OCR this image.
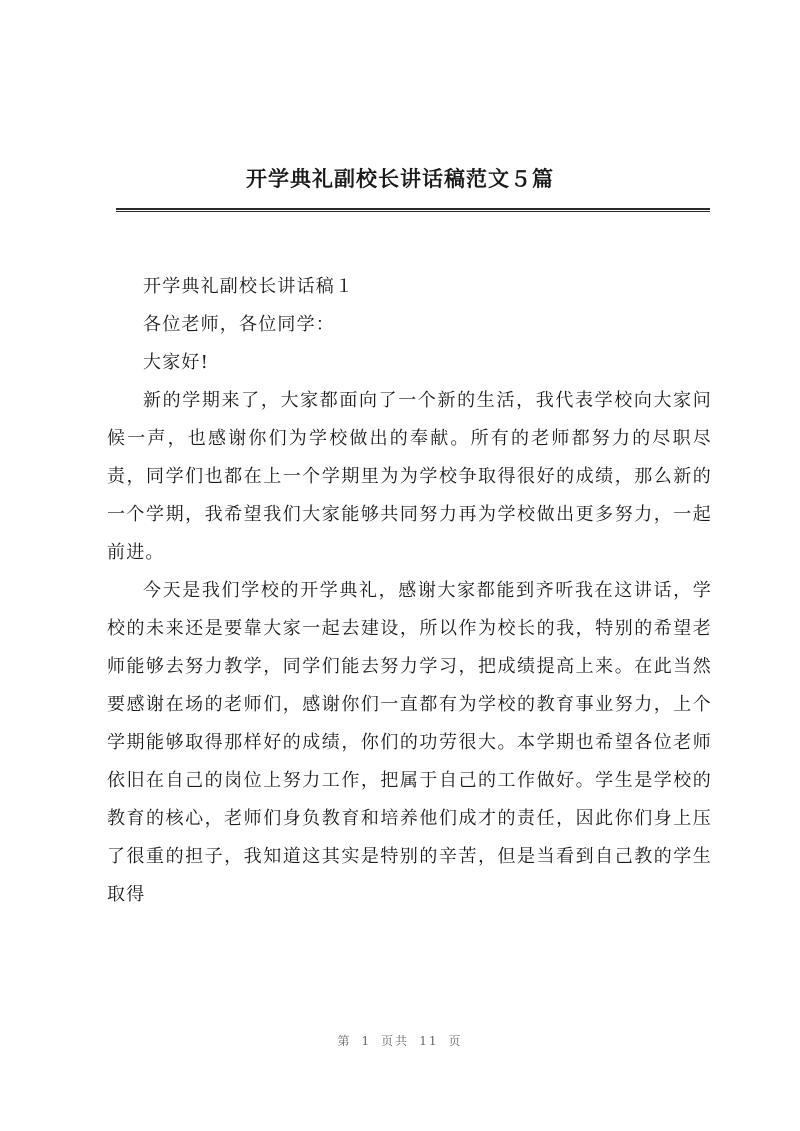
开学典礼副校长讲话稿范文５篇

开学典礼副校长讲话稿１

各位老师，各位同学：

大家好!

新的学期来了，大家都面向了一个新的生活，我代表学校向大家问候一声，也感谢你们为学校做出的奉献。所有的老师都努力的尽职尽责，同学们也都在上一个学期里为为学校争取得很好的成绩，那么新的一个学期，我希望我们大家能够共同努力再为学校做出更多努力，一起前进。

今天是我们学校的开学典礼，感谢大家都能到齐听我在这讲话，学校的未来还是要靠大家一起去建设，所以作为校长的我，特别的希望老师能够去努力教学，同学们能去努力学习，把成绩提高上来。在此当然要感谢在场的老师们，感谢你们一直都有为学校的教育事业努力，上个学期能够取得那样好的成绩，你们的功劳很大。本学期也希望各位老师依旧在自己的岗位上努力工作，把属于自己的工作做好。学生是学校的教育的核心，老师们身负教育和培养他们成才的责任，因此你们身上压了很重的担子，我知道这其实是特别的辛苦，但是当看到自己教的学生取得

第 1 页共 11 页
